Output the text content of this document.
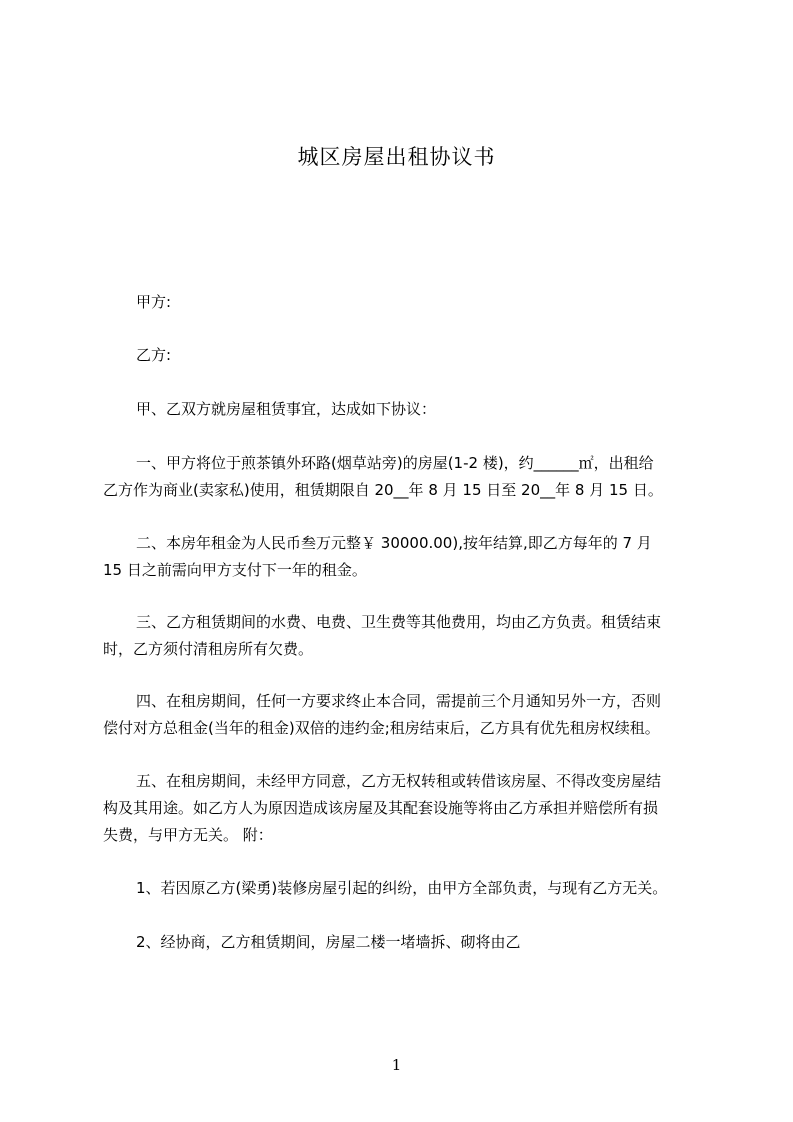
城区房屋出租协议书
甲方:
乙方:
甲、乙双方就房屋租赁事宜，达成如下协议：
一、甲方将位于煎茶镇外环路(烟草站旁)的房屋(1-2 楼)，约______㎡，出租给
乙方作为商业(卖家私)使用，租赁期限自 20__年 8 月 15 日至 20__年 8 月 15 日。
二、本房年租金为人民币叁万元整￥ 30000.00),按年结算,即乙方每年的 7 月
15 日之前需向甲方支付下一年的租金。
三、乙方租赁期间的水费、电费、卫生费等其他费用，均由乙方负责。租赁结束
时，乙方须付清租房所有欠费。
四、在租房期间，任何一方要求终止本合同，需提前三个月通知另外一方，否则
偿付对方总租金(当年的租金)双倍的违约金;租房结束后，乙方具有优先租房权续租。
五、在租房期间，未经甲方同意，乙方无权转租或转借该房屋、不得改变房屋结
构及其用途。如乙方人为原因造成该房屋及其配套设施等将由乙方承担并赔偿所有损
失费，与甲方无关。 附：
1、若因原乙方(梁勇)装修房屋引起的纠纷，由甲方全部负责，与现有乙方无关。
2、经协商，乙方租赁期间，房屋二楼一堵墙拆、砌将由乙
1
